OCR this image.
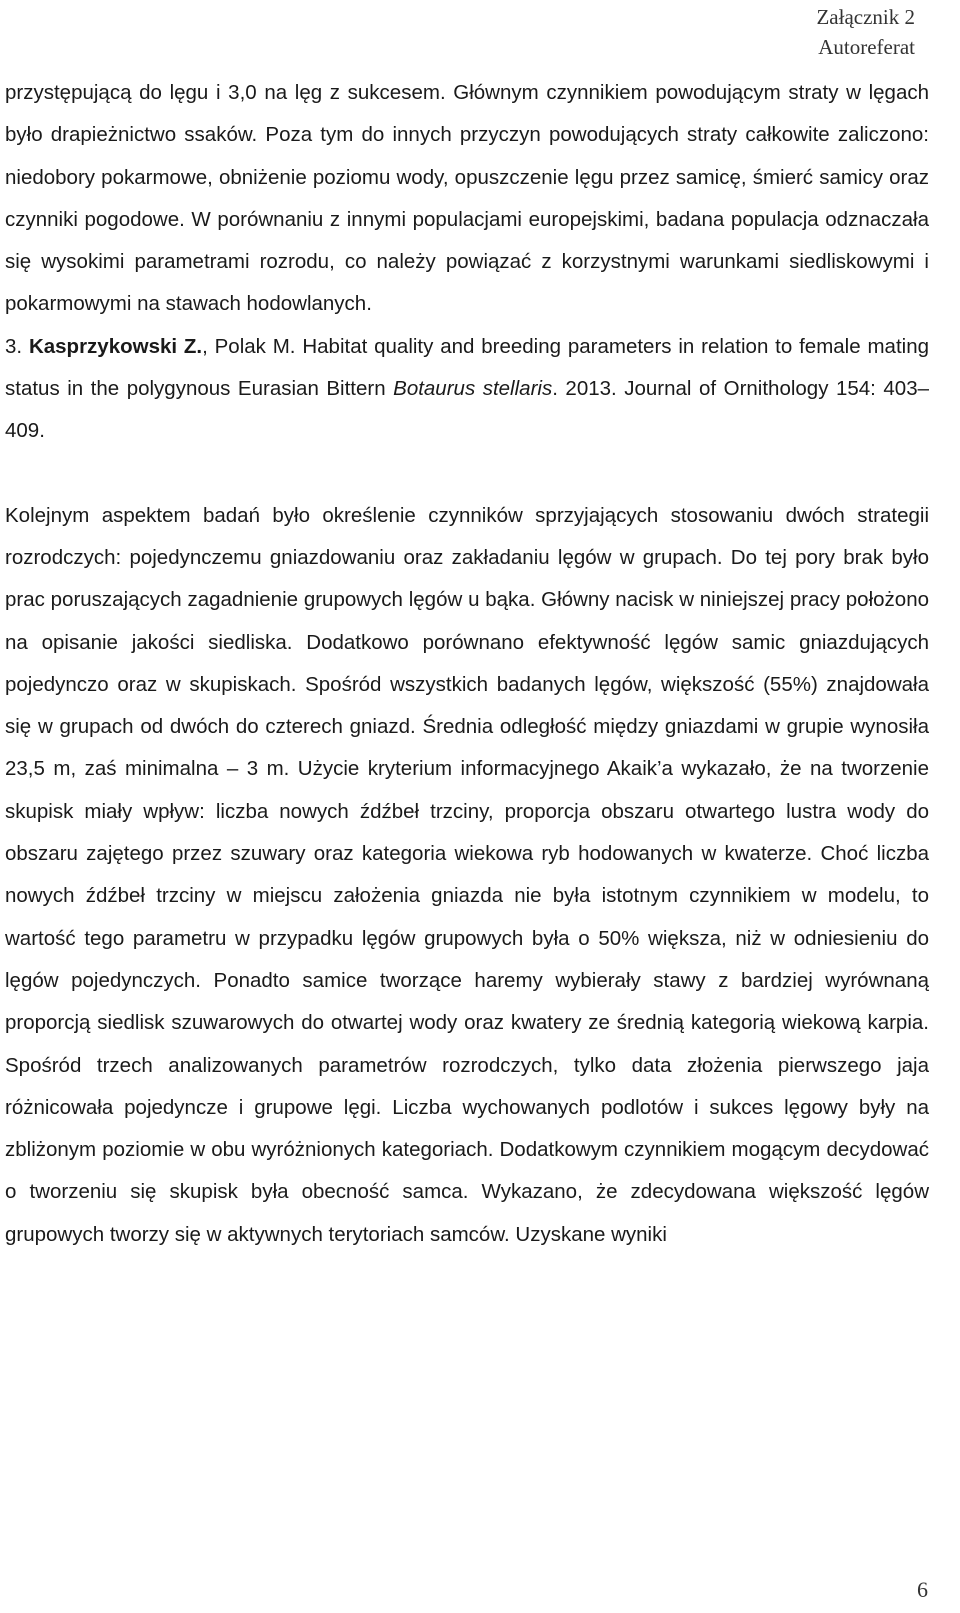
Załącznik 2
Autoreferat

przystępującą do lęgu i 3,0 na lęg z sukcesem. Głównym czynnikiem powodującym straty w lęgach było drapieżnictwo ssaków. Poza tym do innych przyczyn powodujących straty całkowite zaliczono: niedobory pokarmowe, obniżenie poziomu wody, opuszczenie lęgu przez samicę, śmierć samicy oraz czynniki pogodowe. W porównaniu z innymi populacjami europejskimi, badana populacja odznaczała się wysokimi parametrami rozrodu, co należy powiązać z korzystnymi warunkami siedliskowymi i pokarmowymi na stawach hodowlanych.

3. Kasprzykowski Z., Polak M. Habitat quality and breeding parameters in relation to female mating status in the polygynous Eurasian Bittern Botaurus stellaris. 2013. Journal of Ornithology 154: 403–409.

Kolejnym aspektem badań było określenie czynników sprzyjających stosowaniu dwóch strategii rozrodczych: pojedynczemu gniazdowaniu oraz zakładaniu lęgów w grupach. Do tej pory brak było prac poruszających zagadnienie grupowych lęgów u bąka. Główny nacisk w niniejszej pracy położono na opisanie jakości siedliska. Dodatkowo porównano efektywność lęgów samic gniazdujących pojedynczo oraz w skupiskach. Spośród wszystkich badanych lęgów, większość (55%) znajdowała się w grupach od dwóch do czterech gniazd. Średnia odległość między gniazdami w grupie wynosiła 23,5 m, zaś minimalna – 3 m. Użycie kryterium informacyjnego Akaik’a wykazało, że na tworzenie skupisk miały wpływ: liczba nowych źdźbeł trzciny, proporcja obszaru otwartego lustra wody do obszaru zajętego przez szuwary oraz kategoria wiekowa ryb hodowanych w kwaterze. Choć liczba nowych źdźbeł trzciny w miejscu założenia gniazda nie była istotnym czynnikiem w modelu, to wartość tego parametru w przypadku lęgów grupowych była o 50% większa, niż w odniesieniu do lęgów pojedynczych. Ponadto samice tworzące haremy wybierały stawy z bardziej wyrównaną proporcją siedlisk szuwarowych do otwartej wody oraz kwatery ze średnią kategorią wiekową karpia. Spośród trzech analizowanych parametrów rozrodczych, tylko data złożenia pierwszego jaja różnicowała pojedyncze i grupowe lęgi. Liczba wychowanych podlotów i sukces lęgowy były na zbliżonym poziomie w obu wyróżnionych kategoriach. Dodatkowym czynnikiem mogącym decydować o tworzeniu się skupisk była obecność samca. Wykazano, że zdecydowana większość lęgów grupowych tworzy się w aktywnych terytoriach samców. Uzyskane wyniki

6
